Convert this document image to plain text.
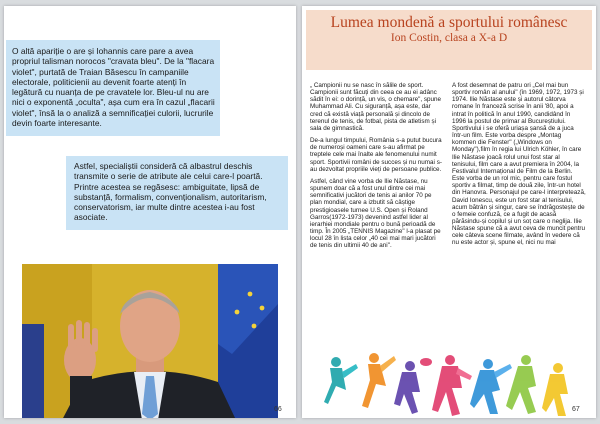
O altă apariție o are și Iohannis care pare a avea propriul talisman norocos "cravata bleu". De la "flacara violet", purtată de Traian Băsescu în campaniile electorale, politicienii au devenit foarte atenți în legătură cu nuanța de pe cravatele lor. Bleu-ul nu are nici o exponentă „oculta", așa cum era în cazul „flacarii violet", însă la o analiză a semnificației culorii, lucrurile devin foarte interesante.
Astfel, specialiștii consideră că albastrul deschis transmite o serie de atribute ale celui care-l poartă. Printre acestea se regăsesc: ambiguitate, lipsă de substanță, formalism, convenționalism, autoritarism, conservatorism, iar multe dintre acestea i-au fost asociate.
66
Lumea mondenă a sportului românesc
Ion Costin, clasa a X-a D

„ Campionii nu se nasc în sălile de sport. Campionii sunt făcuți din ceea ce au ei adânc sădit în ei: o dorință, un vis, o chemare", spune Muhammad Ali. Cu siguranță, așa este, dar cred că există viață personală și dincolo de terenul de tenis, de fotbal, pista de atletism și sala de gimnastică.

De-a lungul timpului, România s-a putut bucura de numeroși oameni care s-au afirmat pe treptele cele mai înalte ale fenomenului numit sport. Sportivii români de succes și nu numai s-au dezvoltat propriile vieți de persoane publice.

Astfel, când vine vorba de Ilie Năstase, nu spunem doar că a fost unul dintre cei mai semnificativi jucători de tenis ai anilor 70 pe plan mondial, care a izbutit să câștige prestigioasele turnee U.S. Open și Roland Garros(1972-1973) devenind astfel lider al ierarhiei mondiale pentru o bună perioadă de timp. În 2005 „TENNIS Magazine" l-a plasat pe locul 28 în lista celor „40 cei mai mari jucători de tenis din ultimii 40 de ani".

A fost desemnat de patru ori „Cel mai bun sportiv român al anului" (în 1969, 1972, 1973 și 1974. Ilie Năstase este și autorul câtorva romane în franceză scrise în anii '80, apoi a intrat în politică în anul 1990, candidând în 1996 la postul de primar al Bucureștiului. Sportivului i se oferă uriașa șansă de a juca într-un film. Este vorba despre „Montag kommen die Fenster" („Windows on Monday"),film în regia lui Ulrich Köhler, în care Ilie Năstase joacă rolul unui fost star al tenisului, film care a avut premiera în 2004, la Festivalul Internațional de Film de la Berlin. Este vorba de un rol mic, pentru care fostul sportiv a filmat, timp de două zile, într-un hotel din Hanovra. Personajul pe care-l interpretează, David Ionescu, este un fost star al tenisului, acum bătrân și singur, care se îndrăgostește de o femeie confuză, ce a fugit de acasă părăsindu-și copilul și un soț care o neglija. Ilie Năstase spune că a avut ceva de muncit pentru cele câteva scene filmate, având în vedere că nu este actor și, spune el, nici nu mai

67
